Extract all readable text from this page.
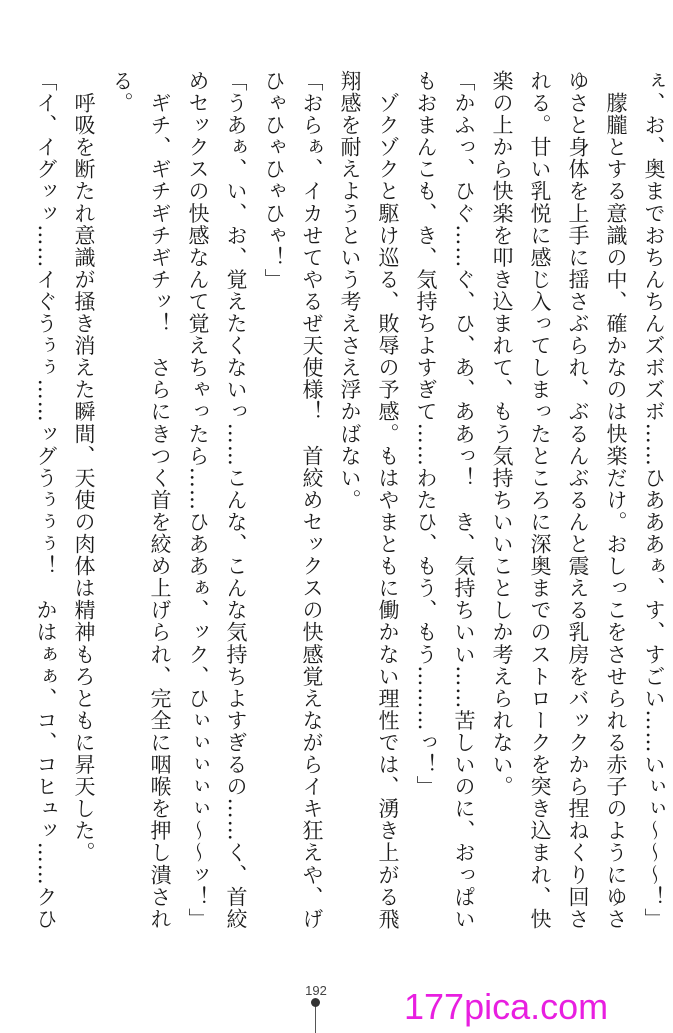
ぇ、お、奥までおちんちんズボズボ……ひあああぁ、す、すごい……いぃぃ〜〜〜！」

　朦朧とする意識の中、確かなのは快楽だけ。おしっこをさせられる赤子のようにゆさゆさと身体を上手に揺さぶられ、ぶるんぶるんと震える乳房をバックから捏ねくり回される。甘い乳悦に感じ入ってしまったところに深奥までのストロークを突き込まれ、快楽の上から快楽を叩き込まれて、もう気持ちいいことしか考えられない。

「かふっ、ひぐ……ぐ、ひ、あ、ああっ！　き、気持ちいい……苦しいのに、おっぱいもおまんこも、き、気持ちよすぎて……わたひ、もう、もう………っ！」

　ゾクゾクと駆け巡る、敗辱の予感。もはやまともに働かない理性では、湧き上がる飛翔感を耐えようという考えさえ浮かばない。

「おらぁ、イカせてやるぜ天使様！　首絞めセックスの快感覚えながらイキ狂えや、げひゃひゃひゃひゃ！」

「うあぁ、い、お、覚えたくないっ……こんな、こんな気持ちよすぎるの……く、首絞めセックスの快感なんて覚えちゃったら……ひああぁ、ック、ひぃぃぃぃぃ〜〜ッ！」

　ギチ、ギチギチギチッ！　さらにきつく首を絞め上げられ、完全に咽喉を押し潰される。

　呼吸を断たれ意識が掻き消えた瞬間、天使の肉体は精神もろともに昇天した。

「イ、イグッッ……イぐうぅぅ……ッグうぅぅぅ！　かはぁぁ、コ、コヒュッ……クひ

192 177pica.com
